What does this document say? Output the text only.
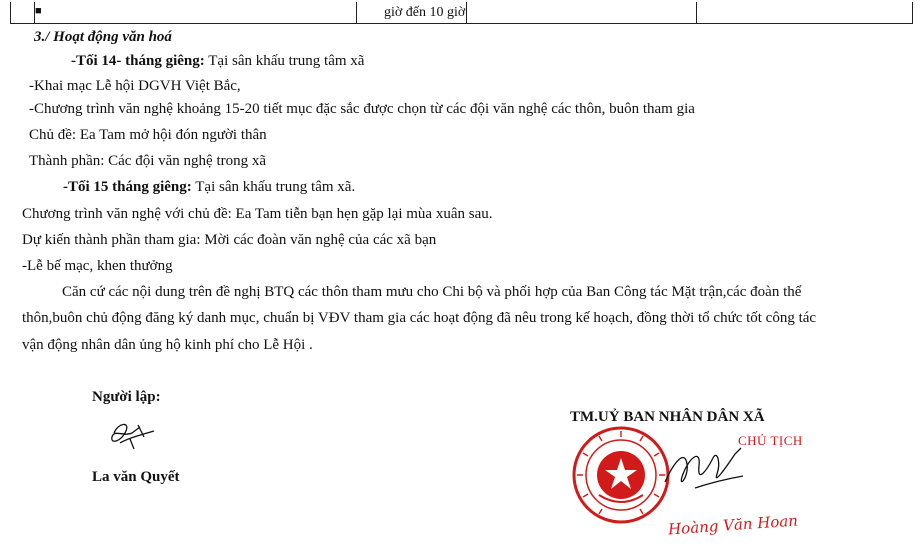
■	giờ đến 10 giờ
3./ Hoạt động văn hoá
-Tối 14- tháng giêng: Tại sân khấu trung tâm xã
-Khai mạc Lễ hội DGVH Việt Bắc,
-Chương trình văn nghệ khoảng 15-20 tiết mục đặc sắc được chọn từ các đội văn nghệ các thôn, buôn tham gia
Chủ đề: Ea Tam mở hội đón người thân
Thành phần: Các đội văn nghệ trong xã
-Tối 15 tháng giêng: Tại sân khấu trung tâm xã.
Chương trình văn nghệ với chủ đề: Ea Tam tiễn bạn hẹn gặp lại mùa xuân sau.
Dự kiến thành phần tham gia: Mời các đoàn văn nghệ của các xã bạn
-Lễ bế mạc, khen thưởng
Căn cứ các nội dung trên đề nghị BTQ các thôn tham mưu cho Chi bộ và phối hợp của Ban Công tác Mặt trận,các đoàn thể
thôn,buôn chủ động đăng ký danh mục, chuẩn bị VĐV tham gia các hoạt động đã nêu trong kế hoạch, đồng thời tổ chức tốt công tác
vận động nhân dân ủng hộ kinh phí cho Lễ Hội .
Người lập:
La văn Quyết
TM.UỶ BAN NHÂN DÂN XÃ
CHỦ TỊCH
Hoàng Văn Hoan
